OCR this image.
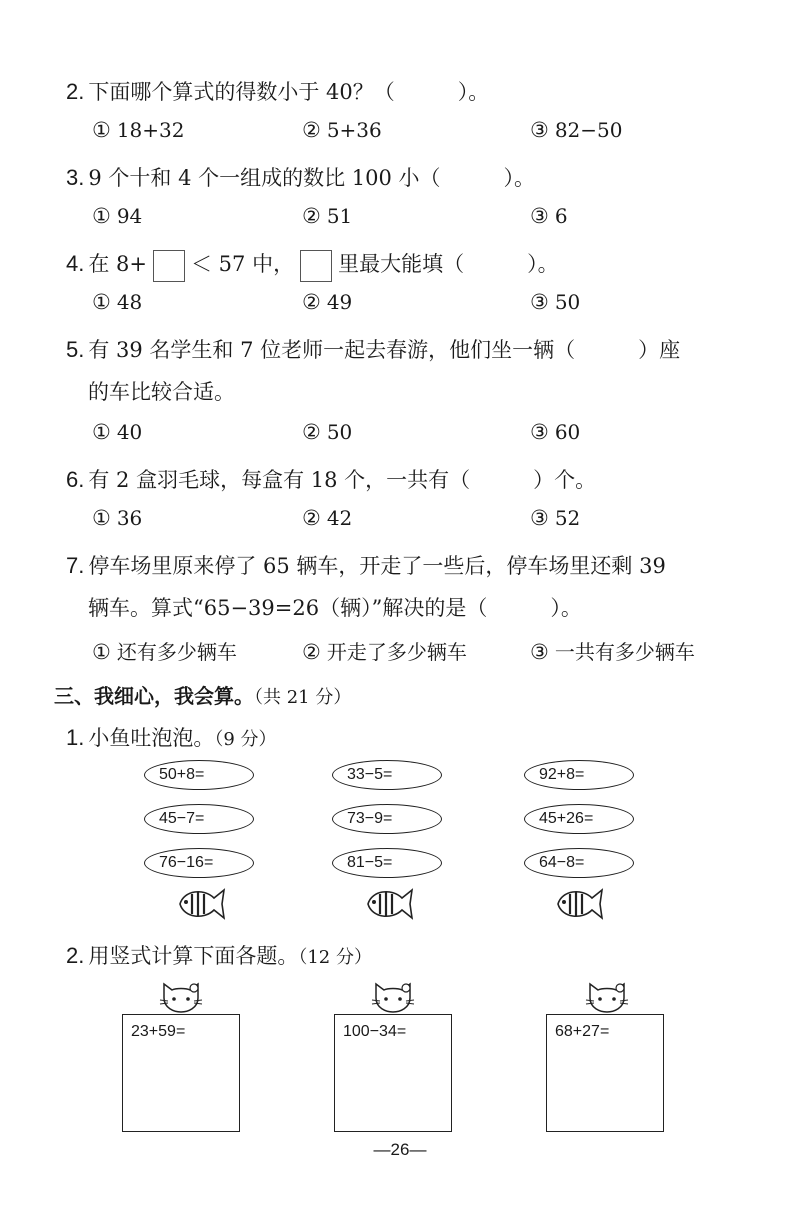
2. 下面哪个算式的得数小于 40？（　　　）。
① 18+32	② 5+36	③ 82−50
3. 9 个十和 4 个一组成的数比 100 小（　　　）。
① 94	② 51	③ 6
4. 在 8+ ＜ 57 中， 里最大能填（　　　）。
① 48	② 49	③ 50
5. 有 39 名学生和 7 位老师一起去春游，他们坐一辆（　　　）座
的车比较合适。
① 40	② 50	③ 60
6. 有 2 盒羽毛球，每盒有 18 个，一共有（　　　）个。
① 36	② 42	③ 52
7. 停车场里原来停了 65 辆车，开走了一些后，停车场里还剩 39
辆车。算式“65−39=26（辆）”解决的是（　　　）。
① 还有多少辆车	② 开走了多少辆车	③ 一共有多少辆车
三、我细心，我会算。（共 21 分）
1. 小鱼吐泡泡。（9 分）
50+8=
45−7=
76−16=
33−5=
73−9=
81−5=
92+8=
45+26=
64−8=
2. 用竖式计算下面各题。（12 分）
23+59=	100−34=	68+27=
—26—
